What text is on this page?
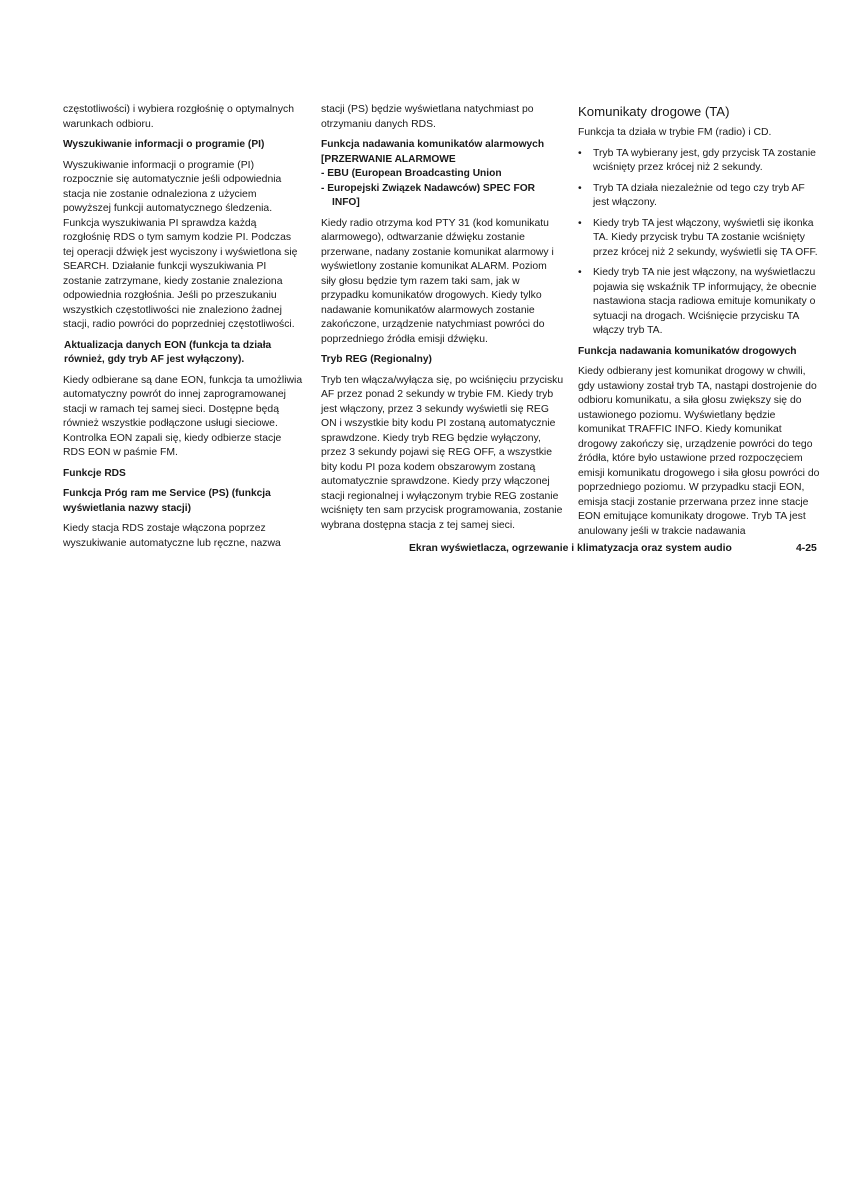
częstotliwości) i wybiera rozgłośnię o optymalnych warunkach odbioru.

Wyszukiwanie informacji o programie (PI)

Wyszukiwanie informacji o programie (PI) rozpocznie się automatycznie jeśli odpowiednia stacja nie zostanie odnaleziona z użyciem powyższej funkcji automatycznego śledzenia. Funkcja wyszukiwania PI sprawdza każdą rozgłośnię RDS o tym samym kodzie PI. Podczas tej operacji dźwięk jest wyciszony i wyświetlona się SEARCH. Działanie funkcji wyszukiwania PI zostanie zatrzymane, kiedy zostanie znaleziona odpowiednia rozgłośnia. Jeśli po przeszukaniu wszystkich częstotliwości nie znaleziono żadnej stacji, radio powróci do poprzedniej częstotliwości.

Aktualizacja danych EON (funkcja ta działa również, gdy tryb AF jest wyłączony).

Kiedy odbierane są dane EON, funkcja ta umożliwia automatyczny powrót do innej zaprogramowanej stacji w ramach tej samej sieci. Dostępne będą również wszystkie podłączone usługi sieciowe. Kontrolka EON zapali się, kiedy odbierze stacje RDS EON w paśmie FM.

Funkcje RDS
Funkcja Próg ram me Service (PS) (funkcja wyświetlania nazwy stacji)

Kiedy stacja RDS zostaje włączona poprzez wyszukiwanie automatyczne lub ręczne, nazwa

stacji (PS) będzie wyświetlana natychmiast po otrzymaniu danych RDS.

Funkcja nadawania komunikatów alarmowych [PRZERWANIE ALARMOWE
- EBU (European Broadcasting Union
- Europejski Związek Nadawców) SPEC FOR INFO]

Kiedy radio otrzyma kod PTY 31 (kod komunikatu alarmowego), odtwarzanie dźwięku zostanie przerwane, nadany zostanie komunikat alarmowy i wyświetlony zostanie komunikat ALARM. Poziom siły głosu będzie tym razem taki sam, jak w przypadku komunikatów drogowych. Kiedy tylko nadawanie komunikatów alarmowych zostanie zakończone, urządzenie natychmiast powróci do poprzedniego źródła emisji dźwięku.

Tryb REG (Regionalny)

Tryb ten włącza/wyłącza się, po wciśnięciu przycisku AF przez ponad 2 sekundy w trybie FM. Kiedy tryb jest włączony, przez 3 sekundy wyświetli się REG ON i wszystkie bity kodu PI zostaną automatycznie sprawdzone. Kiedy tryb REG będzie wyłączony, przez 3 sekundy pojawi się REG OFF, a wszystkie bity kodu PI poza kodem obszarowym zostaną automatycznie sprawdzone. Kiedy przy włączonej stacji regionalnej i wyłączonym trybie REG zostanie wciśnięty ten sam przycisk programowania, zostanie wybrana dostępna stacja z tej samej sieci.

Komunikaty drogowe (TA)

Funkcja ta działa w trybie FM (radio) i CD.

• Tryb TA wybierany jest, gdy przycisk TA zostanie wciśnięty przez krócej niż 2 sekundy.
• Tryb TA działa niezależnie od tego czy tryb AF jest włączony.
• Kiedy tryb TA jest włączony, wyświetli się ikonka TA. Kiedy przycisk trybu TA zostanie wciśnięty przez krócej niż 2 sekundy, wyświetli się TA OFF.
• Kiedy tryb TA nie jest włączony, na wyświetlaczu pojawia się wskaźnik TP informujący, że obecnie nastawiona stacja radiowa emituje komunikaty o sytuacji na drogach. Wciśnięcie przycisku TA włączy tryb TA.
Funkcja nadawania komunikatów drogowych

Kiedy odbierany jest komunikat drogowy w chwili, gdy ustawiony został tryb TA, nastąpi dostrojenie do odbioru komunikatu, a siła głosu zwiększy się do ustawionego poziomu. Wyświetlany będzie komunikat TRAFFIC INFO. Kiedy komunikat drogowy zakończy się, urządzenie powróci do tego źródła, które było ustawione przed rozpoczęciem emisji komunikatu drogowego i siła głosu powróci do poprzedniego poziomu. W przypadku stacji EON, emisja stacji zostanie przerwana przez inne stacje EON emitujące komunikaty drogowe. Tryb TA jest anulowany jeśli w trakcie nadawania

Ekran wyświetlacza, ogrzewanie i klimatyzacja oraz system audio	4-25
